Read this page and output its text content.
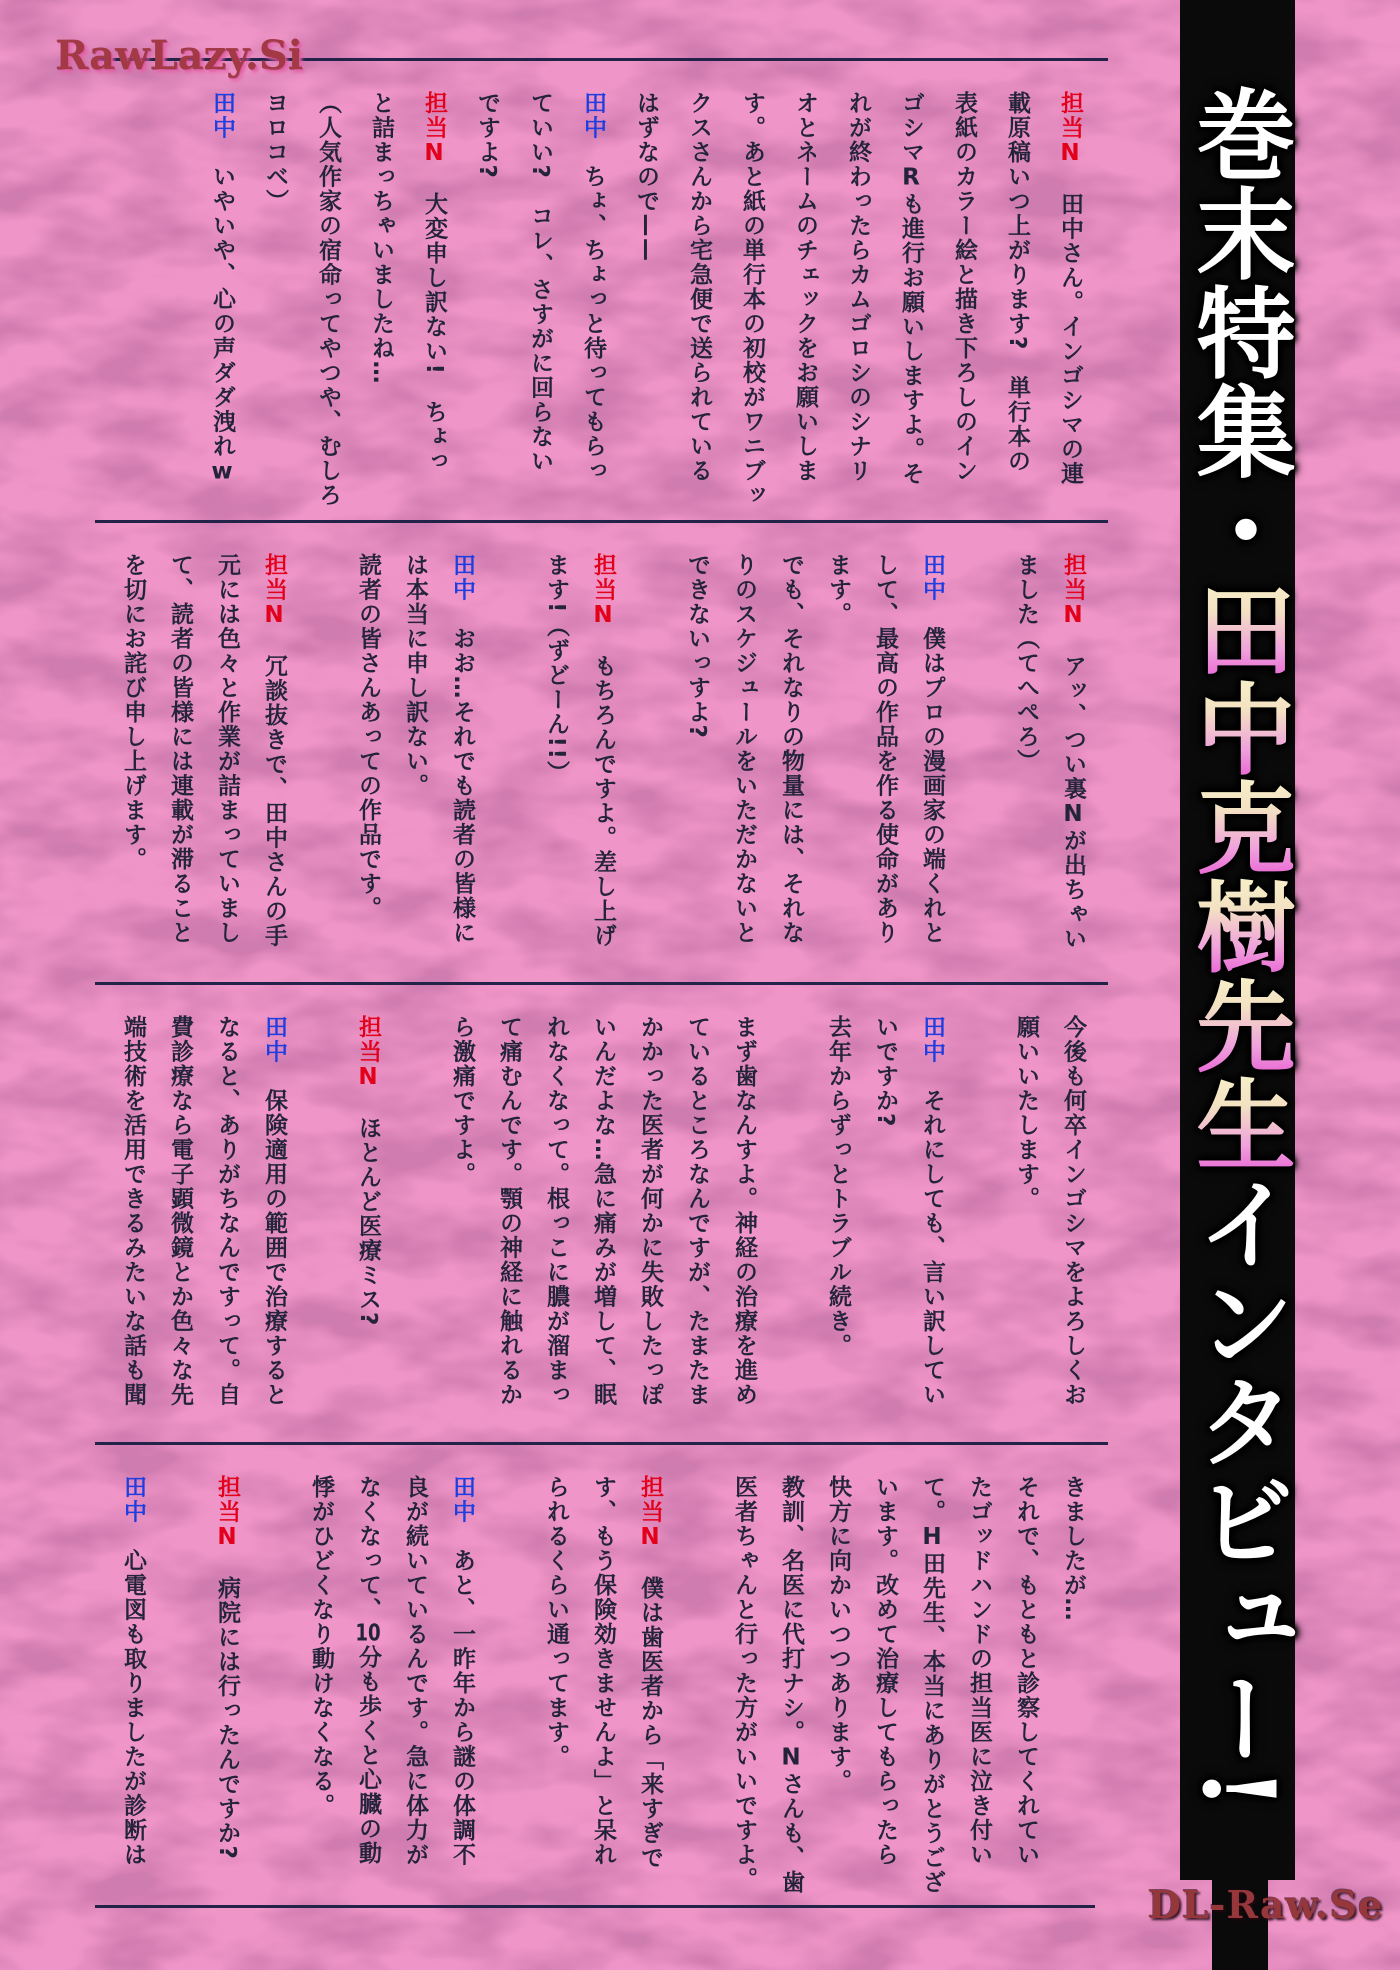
担当N　田中さん。インゴシマの連
載原稿いつ上がります?　単行本の
表紙のカラー絵と描き下ろしのイン
ゴシマRも進行お願いしますよ。そ
れが終わったらカムゴロシのシナリ
オとネームのチェックをお願いしま
す。あと紙の単行本の初校がワニブッ
クスさんから宅急便で送られている
はずなので——
田中　ちょ、ちょっと待ってもらっ
ていい?　コレ、さすがに回らない
ですよ?
担当N　大変申し訳ない!　ちょっ
と詰まっちゃいましたね…
（人気作家の宿命ってやつや、むしろ
ヨロコベ）
田中　いやいや、心の声ダダ洩れw

担当N　アッ、つい裏Nが出ちゃい
ました（てへぺろ）

田中　僕はプロの漫画家の端くれと
して、最高の作品を作る使命があり
ます。
でも、それなりの物量には、それな
りのスケジュールをいただかないと
できないっすよ?

担当N　もちろんですよ。差し上げ
ます!（ずどーん!!）

田中　おお…それでも読者の皆様に
は本当に申し訳ない。
読者の皆さんあっての作品です。

担当N　冗談抜きで、田中さんの手
元には色々と作業が詰まっていまし
て、読者の皆様には連載が滞ること
を切にお詫び申し上げます。

今後も何卒インゴシマをよろしくお
願いいたします。

田中　それにしても、言い訳してい
いですか?
去年からずっとトラブル続き。

まず歯なんすよ。神経の治療を進め
ているところなんですが、たまたま
かかった医者が何かに失敗したっぽ
いんだよな…急に痛みが増して、眠
れなくなって。根っこに膿が溜まっ
て痛むんです。顎の神経に触れるか
ら激痛ですよ。

担当N　ほとんど医療ミス?

田中　保険適用の範囲で治療すると
なると、ありがちなんですって。自
費診療なら電子顕微鏡とか色々な先
端技術を活用できるみたいな話も聞

きましたが…
それで、もともと診察してくれてい
たゴッドハンドの担当医に泣き付い
て。H田先生、本当にありがとうござ
います。改めて治療してもらったら
快方に向かいつつあります。
教訓、名医に代打ナシ。Nさんも、歯
医者ちゃんと行った方がいいですよ。

担当N　僕は歯医者から「来すぎで
す、もう保険効きませんよ」と呆れ
られるくらい通ってます。

田中　あと、一昨年から謎の体調不
良が続いているんです。急に体力が
なくなって、10分も歩くと心臓の動
悸がひどくなり動けなくなる。

担当N　病院には行ったんですか?

田中　心電図も取りましたが診断は

巻末特集・田中克樹先生インタビュー!
RawLazy.Si
DL-Raw.Se
